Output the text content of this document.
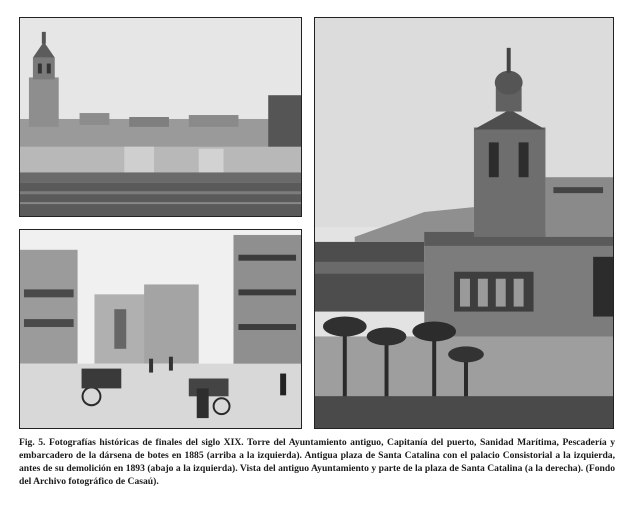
Fig. 5. Fotografías históricas de finales del siglo XIX. Torre del Ayuntamiento antiguo, Capitanía del puerto, Sanidad Marítima, Pescadería y embarcadero de la dársena de botes en 1885 (arriba a la izquierda). Antigua plaza de Santa Catalina con el palacio Consistorial a la izquierda, antes de su demolición en 1893 (abajo a la izquierda). Vista del antiguo Ayuntamiento y parte de la plaza de Santa Catalina (a la derecha). (Fondo del Archivo fotográfico de Casaú).
